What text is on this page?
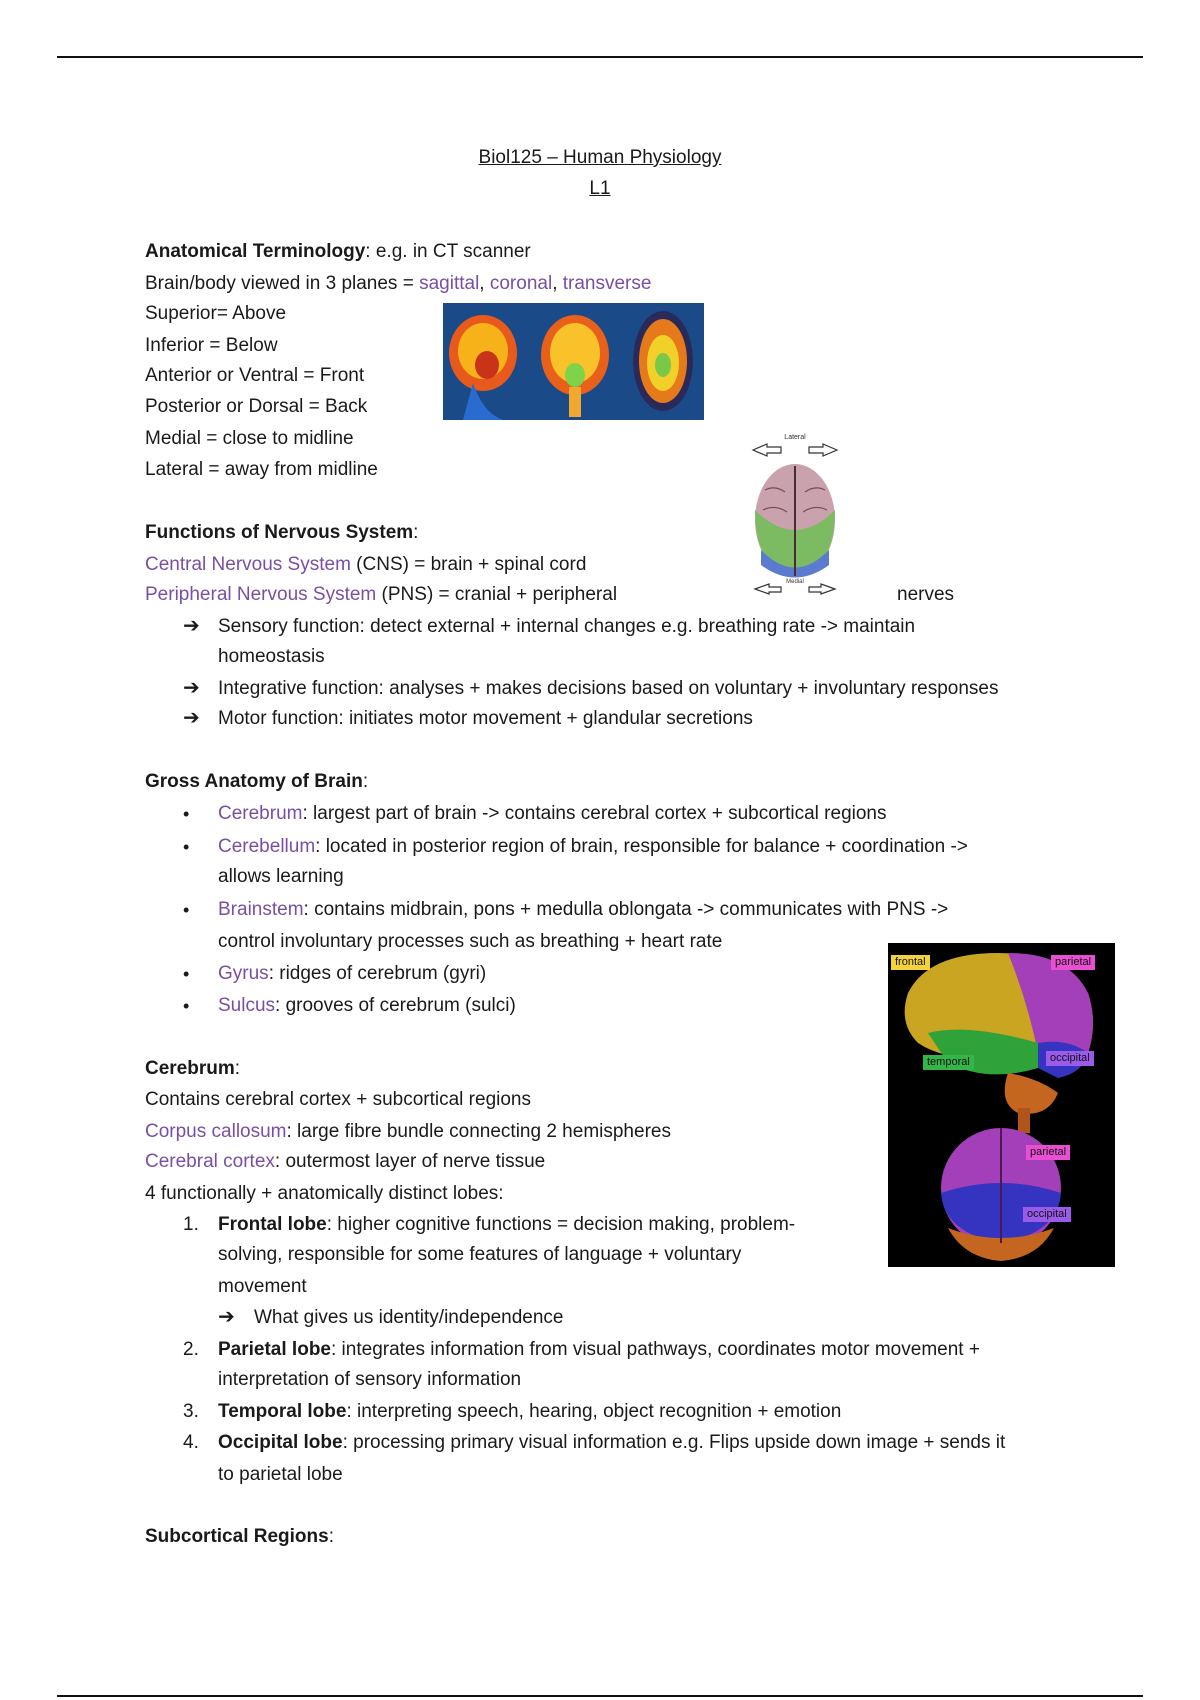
Biol125 – Human Physiology
L1
Anatomical Terminology: e.g. in CT scanner
Brain/body viewed in 3 planes = sagittal, coronal, transverse
Superior= Above
Inferior = Below
Anterior or Ventral = Front
Posterior or Dorsal = Back
Medial = close to midline
Lateral = away from midline
Lateral
Medial
Functions of Nervous System:
Central Nervous System (CNS) = brain + spinal cord
Peripheral Nervous System (PNS) = cranial + peripheral	nerves
➔ Sensory function: detect external + internal changes e.g. breathing rate -> maintain
homeostasis
➔ Integrative function: analyses + makes decisions based on voluntary + involuntary responses
➔ Motor function: initiates motor movement + glandular secretions
Gross Anatomy of Brain:
• Cerebrum: largest part of brain -> contains cerebral cortex + subcortical regions
• Cerebellum: located in posterior region of brain, responsible for balance + coordination ->
allows learning
• Brainstem: contains midbrain, pons + medulla oblongata -> communicates with PNS ->
control involuntary processes such as breathing + heart rate
• Gyrus: ridges of cerebrum (gyri)
• Sulcus: grooves of cerebrum (sulci)
frontal	parietal
temporal	occipital
parietal
occipital
Cerebrum:
Contains cerebral cortex + subcortical regions
Corpus callosum: large fibre bundle connecting 2 hemispheres
Cerebral cortex: outermost layer of nerve tissue
4 functionally + anatomically distinct lobes:
1. Frontal lobe: higher cognitive functions = decision making, problem-
solving, responsible for some features of language + voluntary
movement
➔ What gives us identity/independence
2. Parietal lobe: integrates information from visual pathways, coordinates motor movement +
interpretation of sensory information
3. Temporal lobe: interpreting speech, hearing, object recognition + emotion
4. Occipital lobe: processing primary visual information e.g. Flips upside down image + sends it
to parietal lobe
Subcortical Regions:
